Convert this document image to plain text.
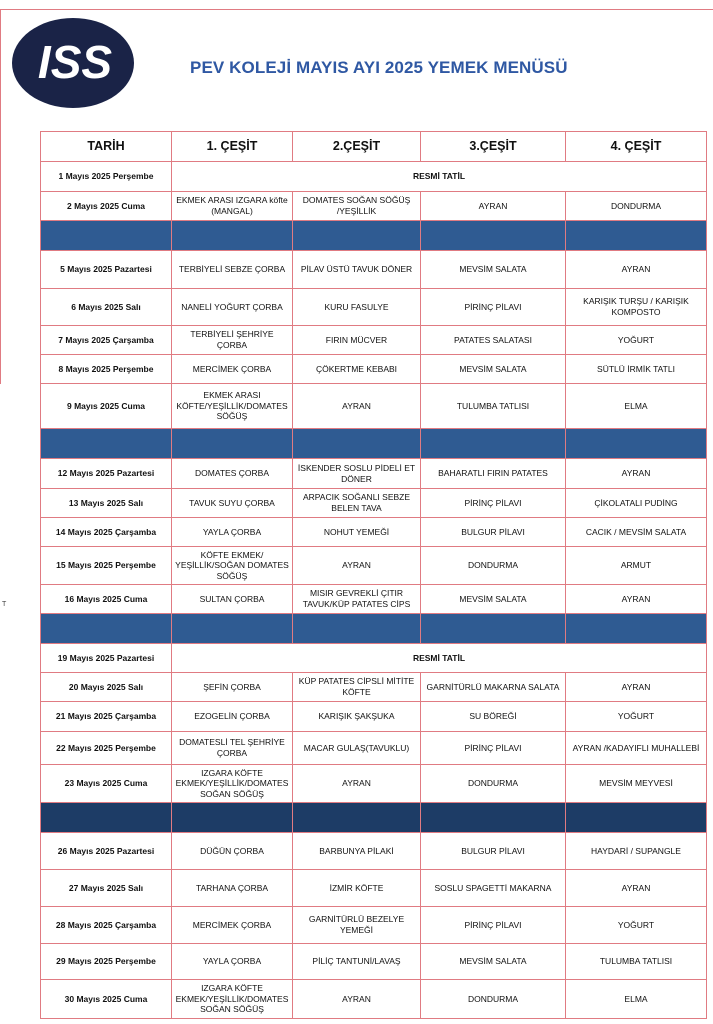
T
ISS	PEV KOLEJİ MAYIS AYI 2025 YEMEK MENÜSÜ
TARİH	1. ÇEŞİT	2.ÇEŞİT	3.ÇEŞİT	4. ÇEŞİT
1 Mayıs 2025 Perşembe	RESMİ TATİL			
2 Mayıs 2025 Cuma	EKMEK ARASI IZGARA köfte (MANGAL)	DOMATES SOĞAN SÖĞÜŞ /YEŞİLLİK	AYRAN	DONDURMA

5 Mayıs 2025 Pazartesi	TERBİYELİ SEBZE ÇORBA	PİLAV ÜSTÜ TAVUK DÖNER	MEVSİM SALATA	AYRAN
6 Mayıs 2025 Salı	NANELİ YOĞURT ÇORBA	KURU FASULYE	PİRİNÇ PİLAVI	KARIŞIK TURŞU / KARIŞIK KOMPOSTO
7 Mayıs 2025 Çarşamba	TERBİYELİ ŞEHRİYE ÇORBA	FIRIN MÜCVER	PATATES SALATASI	YOĞURT
8 Mayıs 2025 Perşembe	MERCİMEK ÇORBA	ÇÖKERTME KEBABI	MEVSİM SALATA	SÜTLÜ İRMİK TATLI
9 Mayıs 2025 Cuma	EKMEK ARASI KÖFTE/YEŞİLLİK/DOMATES SÖĞÜŞ	AYRAN	TULUMBA TATLISI	ELMA

12 Mayıs 2025 Pazartesi	DOMATES ÇORBA	İSKENDER SOSLU PİDELİ ET DÖNER	BAHARATLI FIRIN PATATES	AYRAN
13 Mayıs 2025 Salı	TAVUK SUYU ÇORBA	ARPACIK SOĞANLI SEBZE BELEN TAVA	PİRİNÇ PİLAVI	ÇİKOLATALI PUDİNG
14 Mayıs 2025 Çarşamba	YAYLA ÇORBA	NOHUT YEMEĞİ	BULGUR PİLAVI	CACIK / MEVSİM SALATA
15 Mayıs 2025 Perşembe	KÖFTE EKMEK/ YEŞİLLİK/SOĞAN DOMATES SÖĞÜŞ	AYRAN	DONDURMA	ARMUT
16 Mayıs 2025 Cuma	SULTAN ÇORBA	MISIR GEVREKLİ ÇITIR TAVUK/KÜP PATATES CİPS	MEVSİM SALATA	AYRAN

19 Mayıs 2025 Pazartesi	RESMİ TATİL			
20 Mayıs 2025 Salı	ŞEFİN ÇORBA	KÜP PATATES CİPSLİ MİTİTE KÖFTE	GARNİTÜRLÜ MAKARNA SALATA	AYRAN
21 Mayıs 2025 Çarşamba	EZOGELİN ÇORBA	KARIŞIK ŞAKŞUKA	SU BÖREĞİ	YOĞURT
22 Mayıs 2025 Perşembe	DOMATESLİ TEL ŞEHRİYE ÇORBA	MACAR GULAŞ(TAVUKLU)	PİRİNÇ PİLAVI	AYRAN /KADAYIFLI MUHALLEBİ
23 Mayıs 2025 Cuma	IZGARA KÖFTE EKMEK/YEŞİLLİK/DOMATES SOĞAN SÖĞÜŞ	AYRAN	DONDURMA	MEVSİM MEYVESİ

26 Mayıs 2025 Pazartesi	DÜĞÜN ÇORBA	BARBUNYA PİLAKİ	BULGUR PİLAVI	HAYDARİ / SUPANGLE
27 Mayıs 2025 Salı	TARHANA ÇORBA	İZMİR KÖFTE	SOSLU SPAGETTİ MAKARNA	AYRAN
28 Mayıs 2025 Çarşamba	MERCİMEK ÇORBA	GARNİTÜRLÜ BEZELYE YEMEĞİ	PİRİNÇ PİLAVI	YOĞURT
29 Mayıs 2025 Perşembe	YAYLA ÇORBA	PİLİÇ TANTUNİ/LAVAŞ	MEVSİM SALATA	TULUMBA TATLISI
30 Mayıs 2025 Cuma	IZGARA KÖFTE EKMEK/YEŞİLLİK/DOMATES SOĞAN SÖĞÜŞ	AYRAN	DONDURMA	ELMA
